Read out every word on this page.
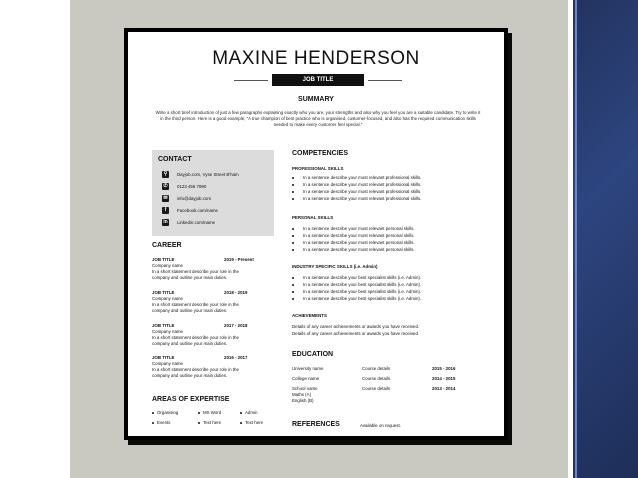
MAXINE HENDERSON
JOB TITLE
SUMMARY
Write a short brief introduction of just a few paragraphs explaining exactly who you are, your strengths and also why you feel you are a suitable candidate. Try to write it in the third person. Here is a good example; "A true champion of best practice who is organised, customer-focused, and also has the required communication skills needed to make every customer feel special."
CONTACT
⚲ Dayjob.com, Vyse Street B'ham
✆ 0123 456 7890
✉ info@dayjob.com
f Facebook.com/name
in Linkedin.com/name
CAREER
JOB TITLE	2019 - Present
Company name
In a short statement describe your role in the
company and outline your main duties.
JOB TITLE	2018 - 2019
Company name
In a short statement describe your role in the
company and outline your main duties.
JOB TITLE	2017 - 2018
Company name
In a short statement describe your role in the
company and outline your main duties.
JOB TITLE	2016 - 2017
Company name
In a short statement describe your role in the
company and outline your main duties.
AREAS OF EXPERTISE
Organising	MS Word	Admin
Events	Text here	Text here
COMPETENCIES
PROFESSIONAL SKILLS
In a sentence describe your most relevant professional skills.
In a sentence describe your most relevant professional skills.
In a sentence describe your most relevant professional skills.
In a sentence describe your most relevant professional skills.
PERSONAL SKILLS
In a sentence describe your most relevant personal skills.
In a sentence describe your most relevant personal skills.
In a sentence describe your most relevant personal skills.
In a sentence describe your most relevant personal skills.
INDUSTRY SPECIFIC SKILLS (i.e. Admin)
In a sentence describe your best specialist skills (i.e. Admin).
In a sentence describe your best specialist skills (i.e. Admin).
In a sentence describe your best specialist skills (i.e. Admin).
In a sentence describe your best specialist skills (i.e. Admin).
ACHIEVEMENTS
Details of any career achievements or awards you have received.
Details of any career achievements or awards you have received.
EDUCATION
University name	Course details	2015 - 2016
College name	Course details	2014 - 2015
School name	Course details	2013 - 2014
Maths (A)
English (B)
REFERENCES	Available on request.
